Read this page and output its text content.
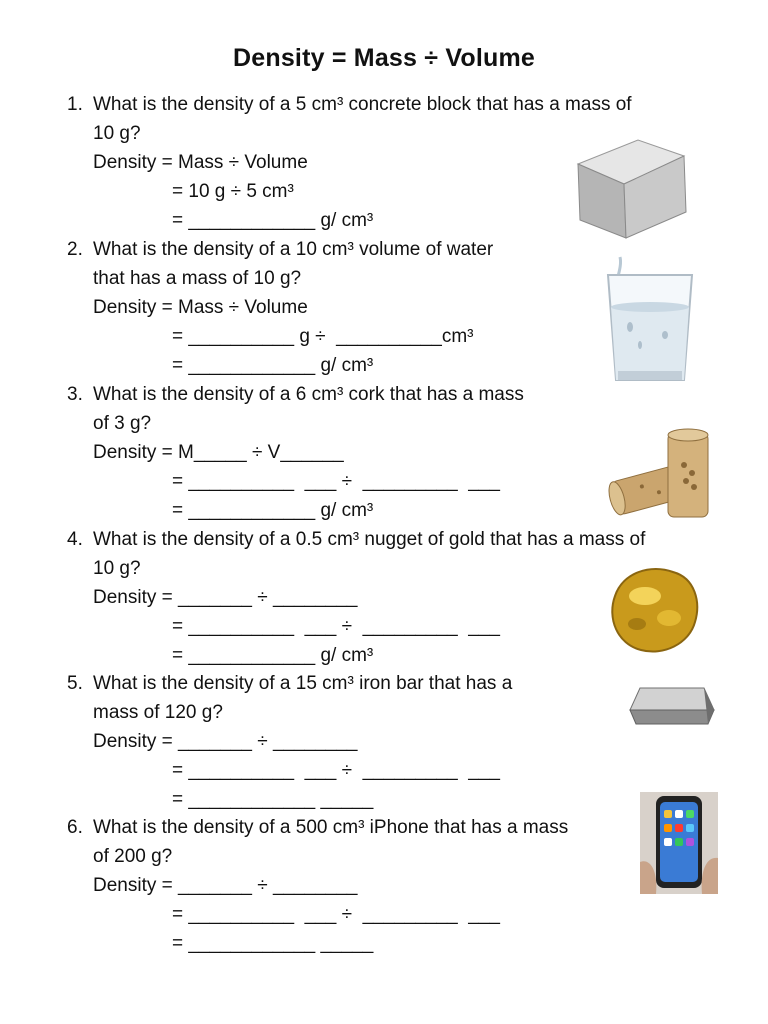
Density = Mass ÷ Volume
1. What is the density of a 5 cm³ concrete block that has a mass of
10 g?
Density = Mass ÷ Volume
= 10 g ÷ 5 cm³
= ____________ g/ cm³
2. What is the density of a 10 cm³ volume of water
that has a mass of 10 g?
Density = Mass ÷ Volume
= __________ g ÷  __________cm³
= ____________ g/ cm³
3. What is the density of a 6 cm³ cork that has a mass
of 3 g?
Density = M_____ ÷ V______
= __________  ___ ÷  _________  ___
= ____________ g/ cm³
4. What is the density of a 0.5 cm³ nugget of gold that has a mass of
10 g?
Density = _______ ÷ ________
= __________  ___ ÷  _________  ___
= ____________ g/ cm³
5. What is the density of a 15 cm³ iron bar that has a
mass of 120 g?
Density = _______ ÷ ________
= __________  ___ ÷  _________  ___
= ____________ _____
6. What is the density of a 500 cm³ iPhone that has a mass
of 200 g?
Density = _______ ÷ ________
= __________  ___ ÷  _________  ___
= ____________ _____
